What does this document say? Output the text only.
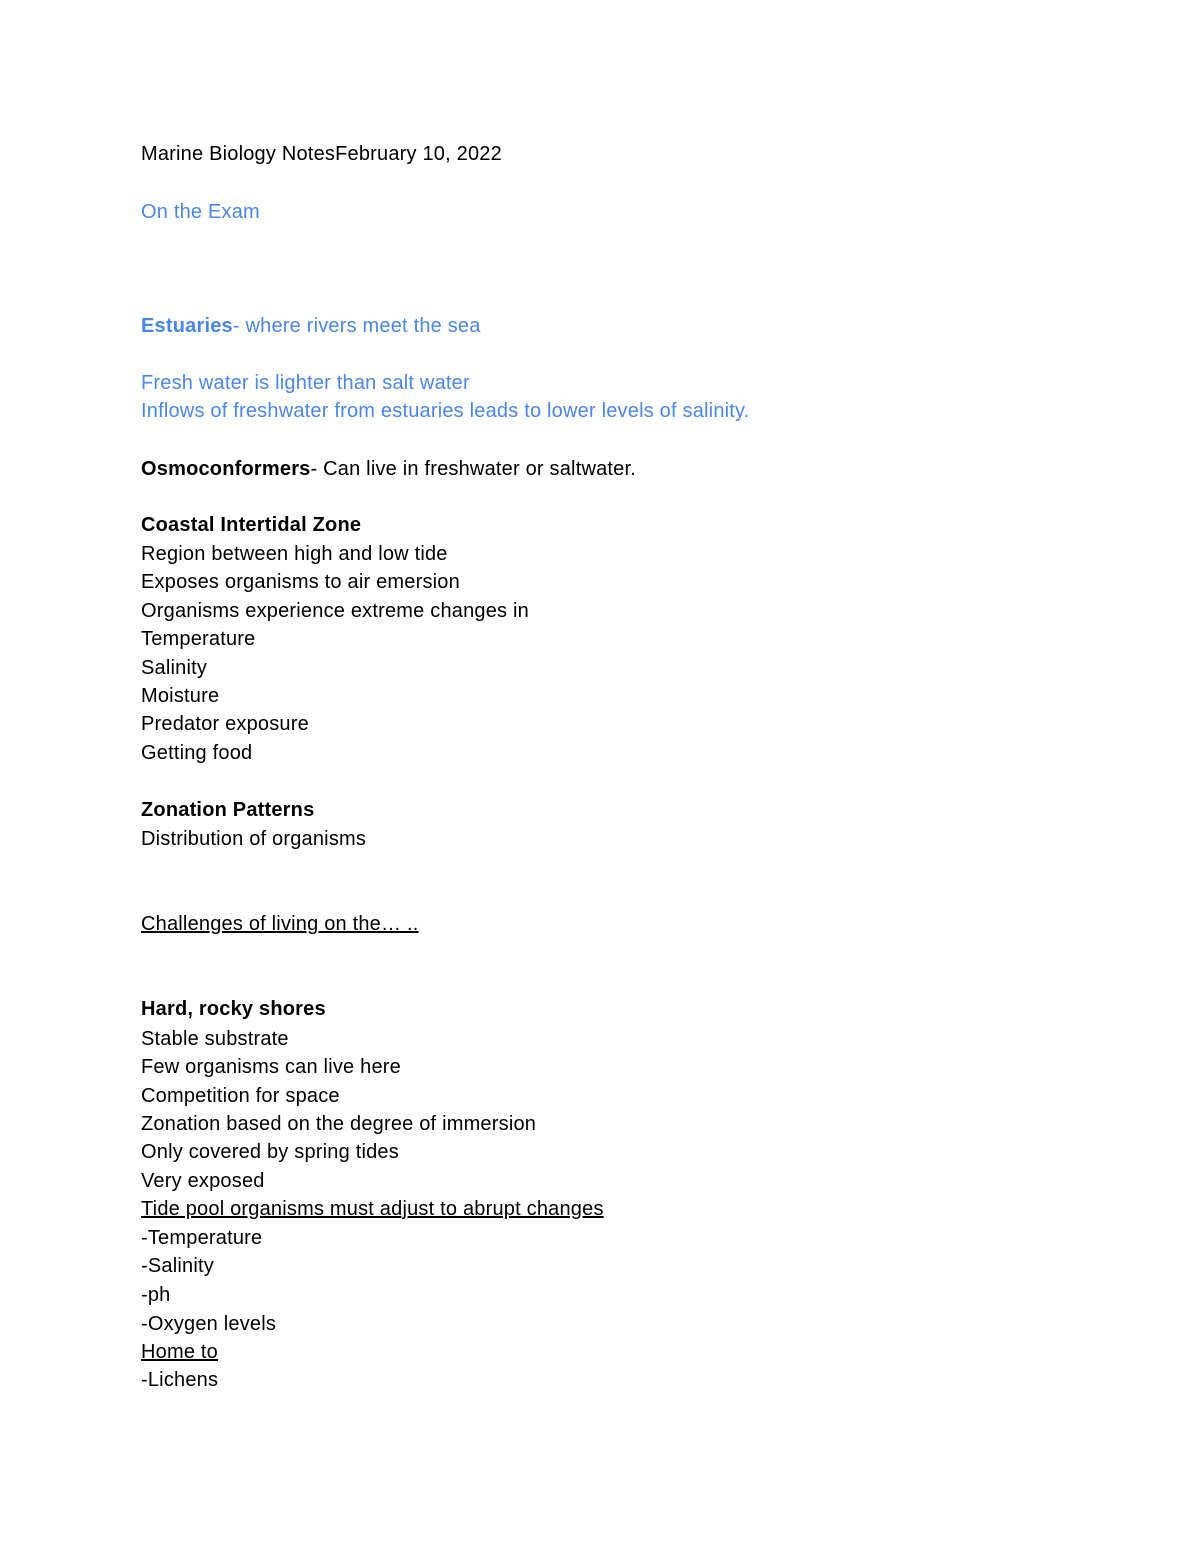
Marine Biology NotesFebruary 10, 2022
On the Exam
Estuaries- where rivers meet the sea
Fresh water is lighter than salt water
Inflows of freshwater from estuaries leads to lower levels of salinity.
Osmoconformers- Can live in freshwater or saltwater.
Coastal Intertidal Zone
Region between high and low tide
Exposes organisms to air emersion
Organisms experience extreme changes in
Temperature
Salinity
Moisture
Predator exposure
Getting food
Zonation Patterns
Distribution of organisms
Challenges of living on the… ..
Hard, rocky shores
Stable substrate
Few organisms can live here
Competition for space
Zonation based on the degree of immersion
Only covered by spring tides
Very exposed
Tide pool organisms must adjust to abrupt changes
-Temperature
-Salinity
-ph
-Oxygen levels
Home to
-Lichens
